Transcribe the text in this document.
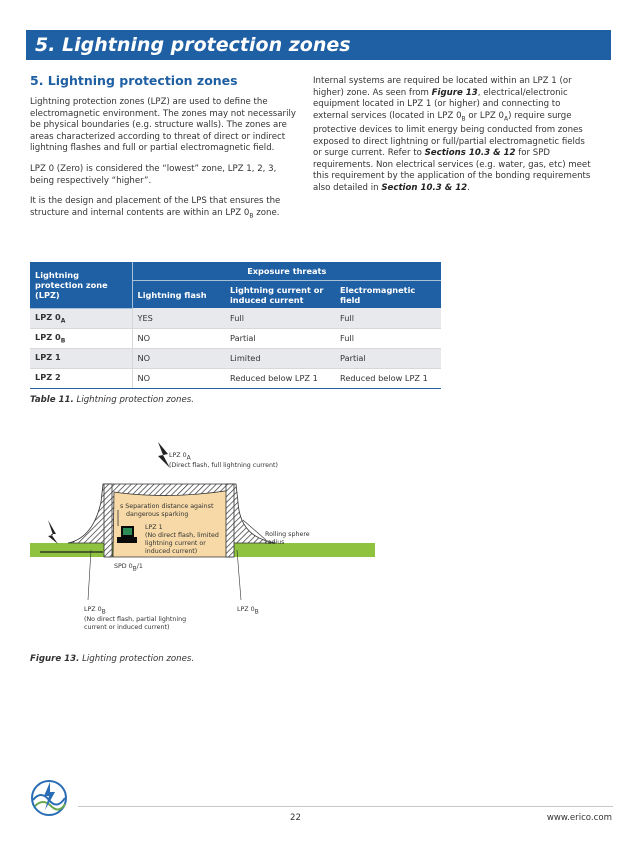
5. Lightning protection zones
5. Lightning protection zones

Lightning protection zones (LPZ) are used to define the electromagnetic environment. The zones may not necessarily be physical boundaries (e.g. structure walls). The zones are areas characterized according to threat of direct or indirect lightning flashes and full or partial electromagnetic field.

LPZ 0 (Zero) is considered the “lowest” zone, LPZ 1, 2, 3, being respectively “higher”.

It is the design and placement of the LPS that ensures the structure and internal contents are within an LPZ $0_B$ zone.

Internal systems are required be located within an LPZ 1 (or higher) zone. As seen from Figure 13, electrical/electronic equipment located in LPZ 1 (or higher) and connecting to external services (located in LPZ $0_B$ or LPZ $0_A$) require surge protective devices to limit energy being conducted from zones exposed to direct lightning or full/partial electromagnetic fields or surge current. Refer to Sections 10.3 & 12 for SPD requirements. Non electrical services (e.g. water, gas, etc) meet this requirement by the application of the bonding requirements also detailed in Section 10.3 & 12.

Lightning protection zone (LPZ)	Exposure threats		
	Lightning flash	Lightning current or induced current	Electromagnetic field
LPZ $0_A$	YES	Full	Full
LPZ $0_B$	NO	Partial	Full
LPZ 1	NO	Limited	Partial
LPZ 2	NO	Reduced below LPZ 1	Reduced below LPZ 1
Table 11. Lightning protection zones.
LPZ $0_A$
(Direct flash, full lightning current)
s Separation distance against
dangerous sparking
LPZ 1
(No direct flash, limited
lightning current or
induced current)
Rolling sphere
radius
SPD $0_B/1$
LPZ $0_B$
(No direct flash, partial lightning
current or induced current)
LPZ $0_B$
Figure 13. Lighting protection zones.
22	www.erico.com
